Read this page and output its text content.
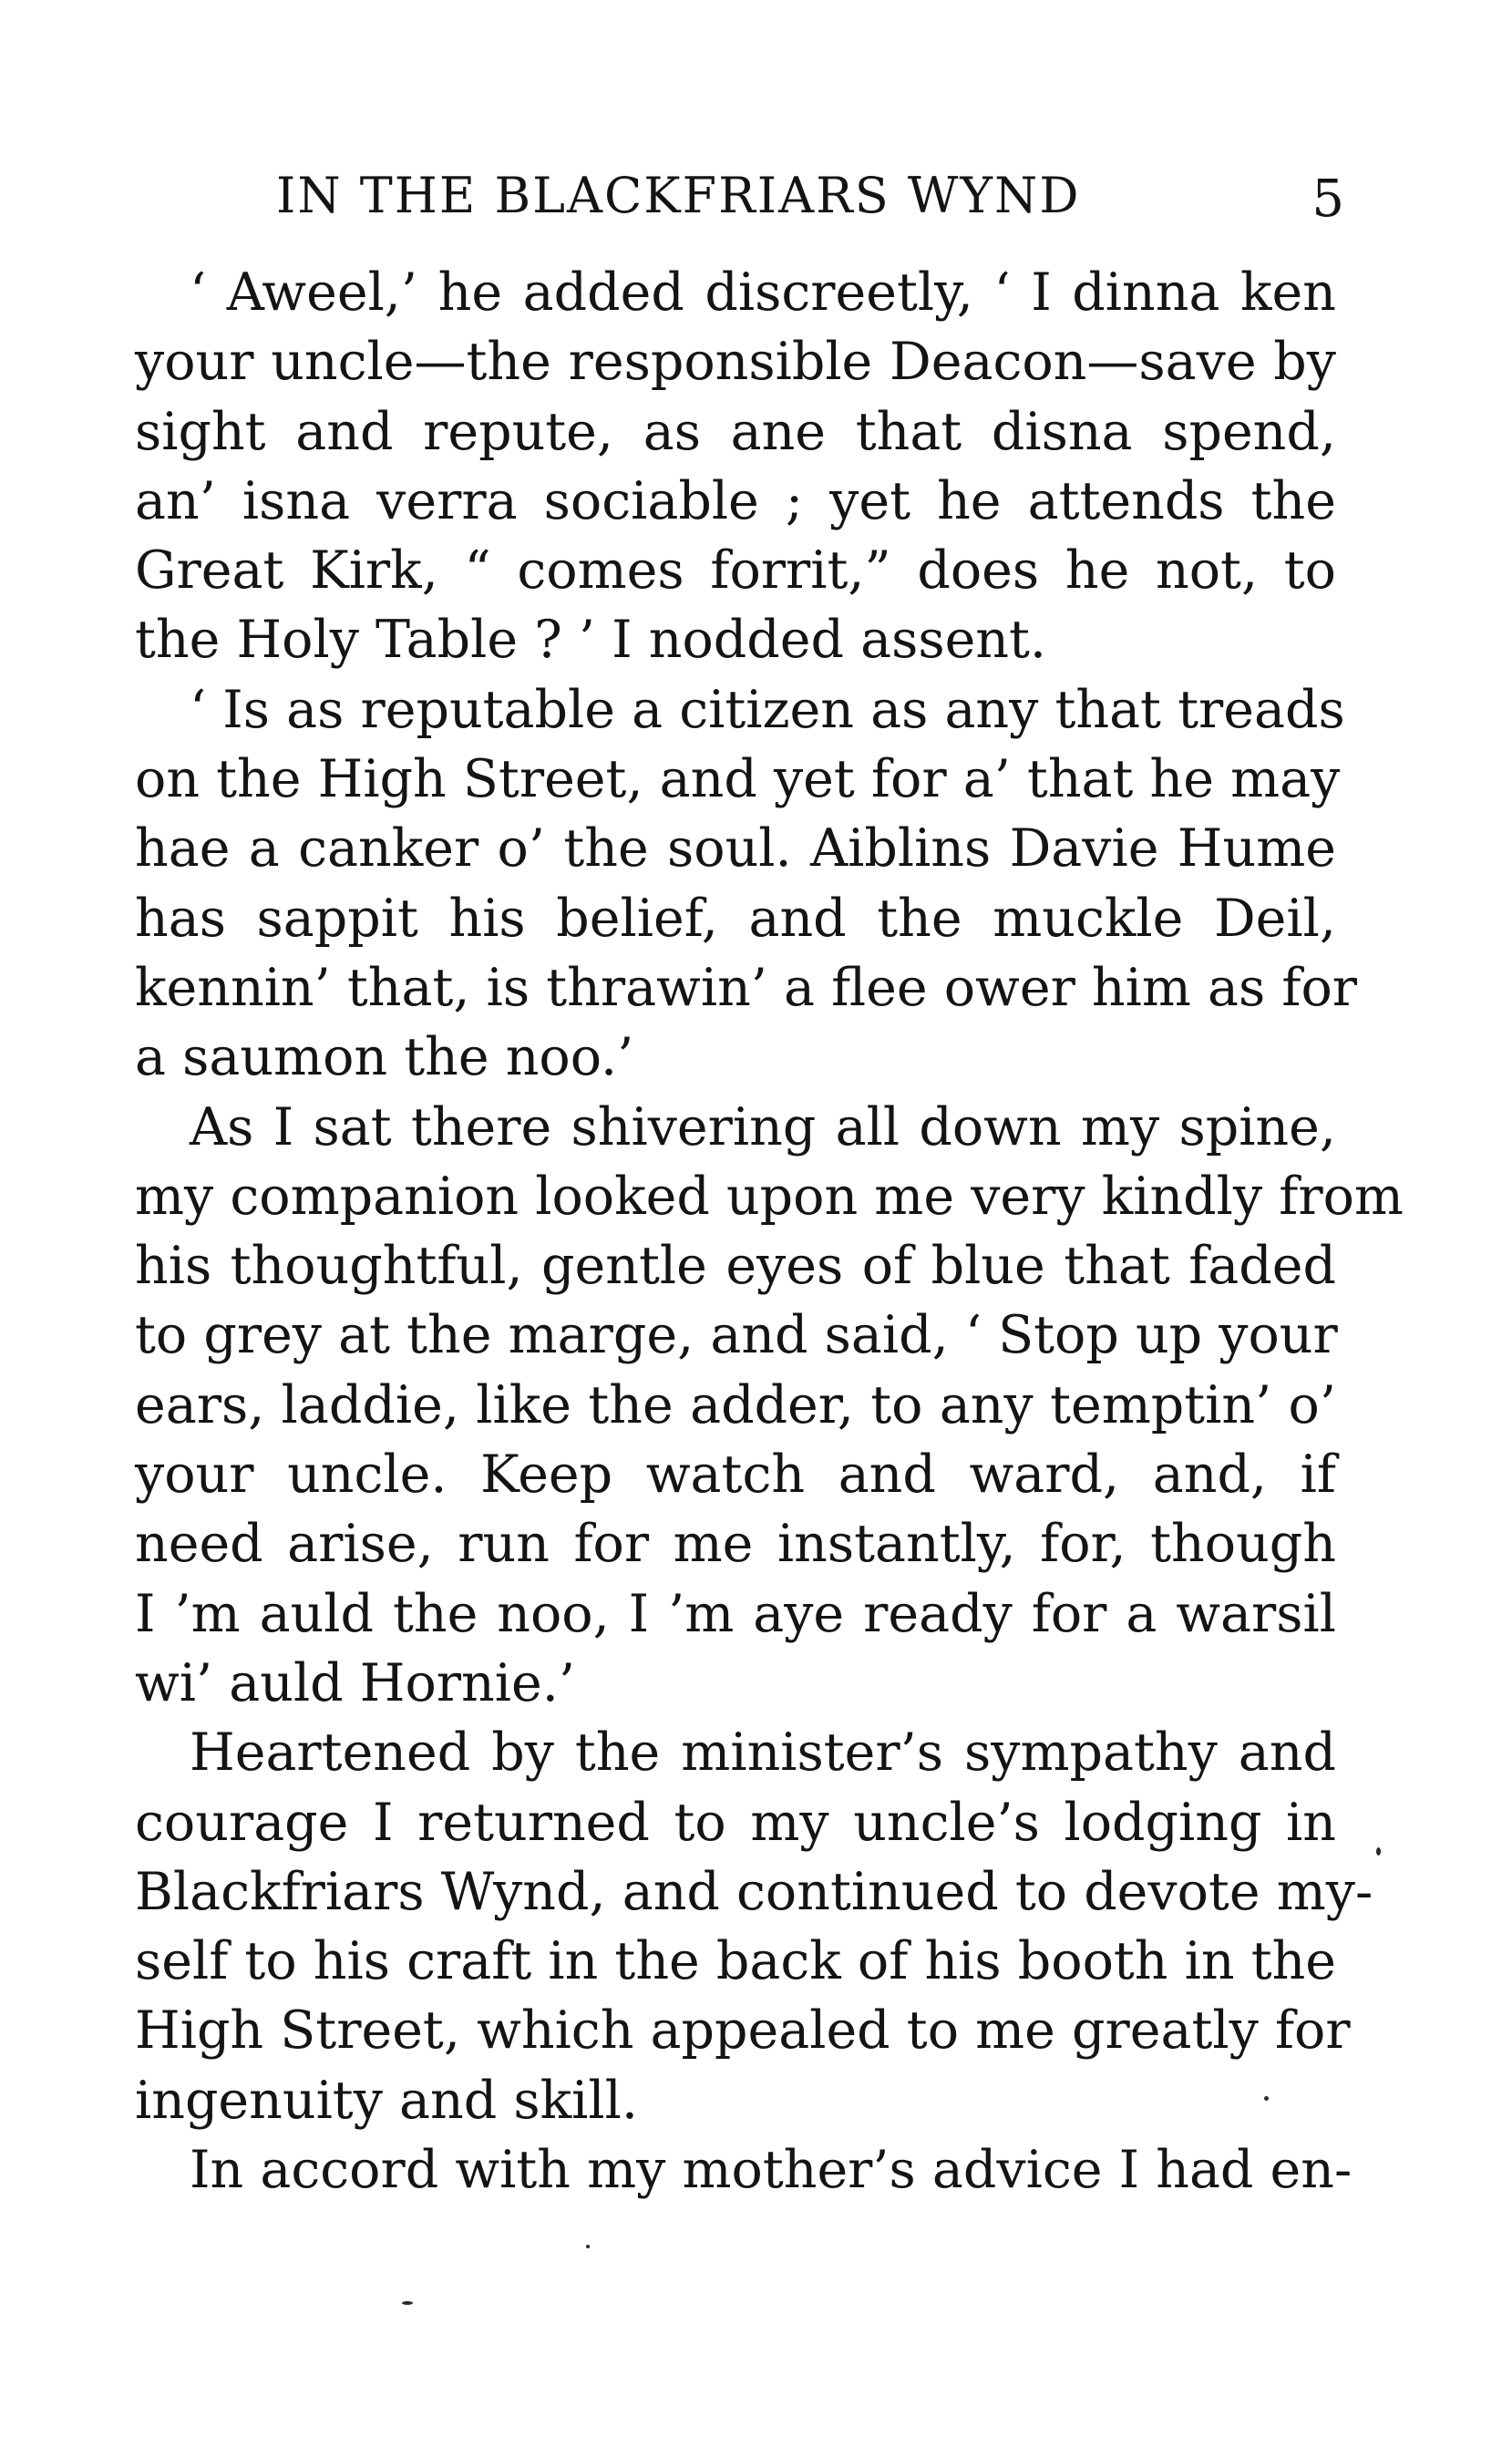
IN THE BLACKFRIARS WYND	5
‘ Aweel,’ he added discreetly, ‘ I dinna ken
your uncle—the responsible Deacon—save by
sight and repute, as ane that disna spend,
an’ isna verra sociable ; yet he attends the
Great Kirk, “ comes forrit,” does he not, to
the Holy Table ? ’ I nodded assent.
‘ Is as reputable a citizen as any that treads
on the High Street, and yet for a’ that he may
hae a canker o’ the soul. Aiblins Davie Hume
has sappit his belief, and the muckle Deil,
kennin’ that, is thrawin’ a flee ower him as for
a saumon the noo.’
As I sat there shivering all down my spine,
my companion looked upon me very kindly from
his thoughtful, gentle eyes of blue that faded
to grey at the marge, and said, ‘ Stop up your
ears, laddie, like the adder, to any temptin’ o’
your uncle. Keep watch and ward, and, if
need arise, run for me instantly, for, though
I ’m auld the noo, I ’m aye ready for a warsil
wi’ auld Hornie.’
Heartened by the minister’s sympathy and
courage I returned to my uncle’s lodging in
Blackfriars Wynd, and continued to devote my-
self to his craft in the back of his booth in the
High Street, which appealed to me greatly for
ingenuity and skill.
In accord with my mother’s advice I had en-
